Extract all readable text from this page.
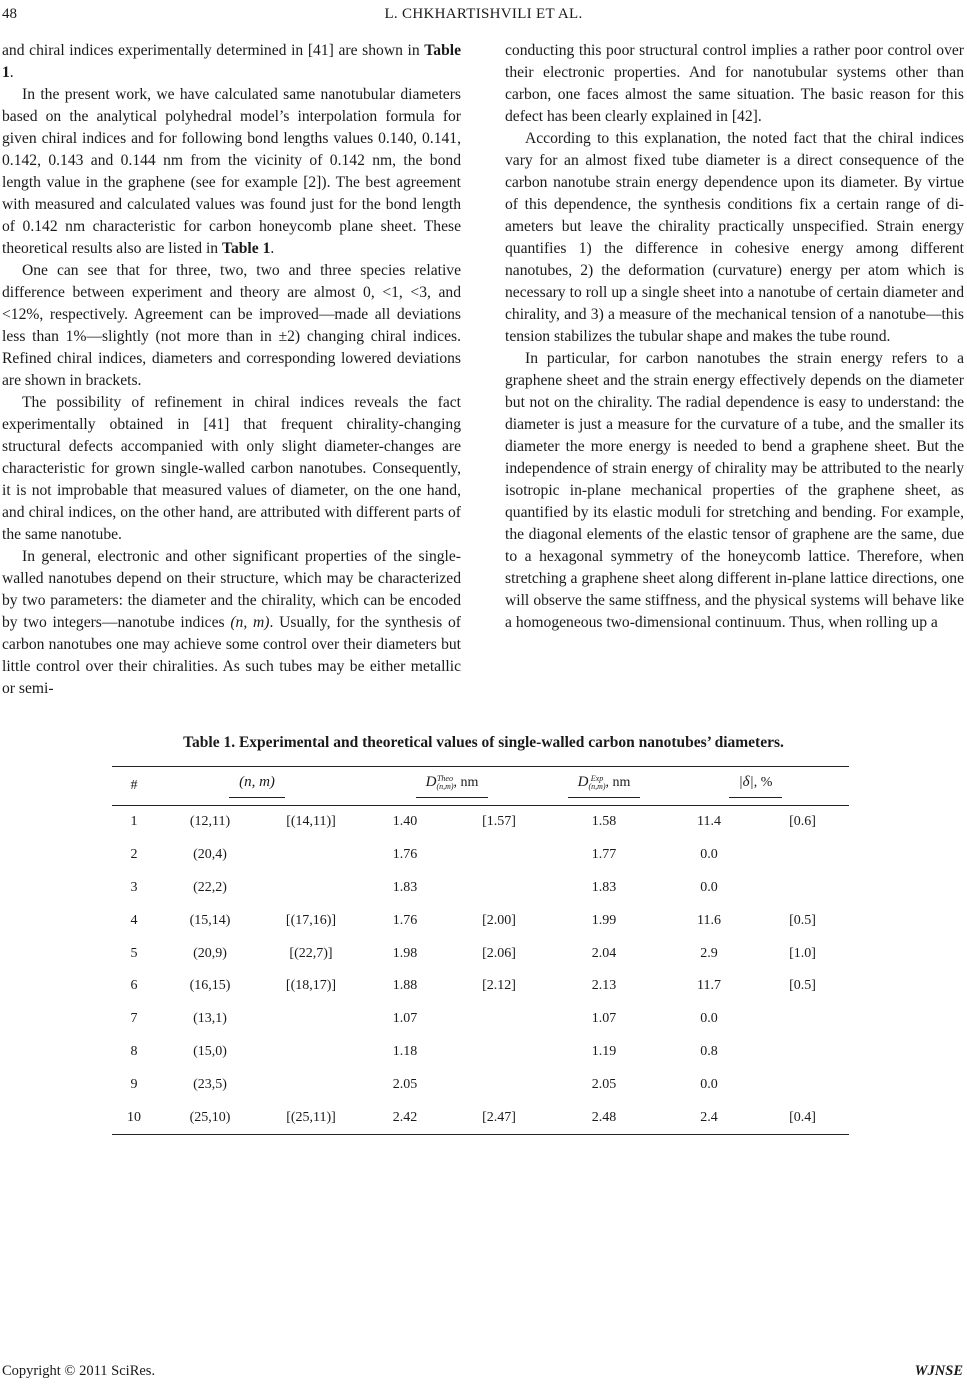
48	L. CHKHARTISHVILI ET AL.

and chiral indices experimentally determined in [41] are shown in Table 1.

In the present work, we have calculated same nanotubular diameters based on the analytical polyhedral model’s interpolation formula for given chiral indices and for following bond lengths values 0.140, 0.141, 0.142, 0.143 and 0.144 nm from the vicinity of 0.142 nm, the bond length value in the graphene (see for example [2]). The best agreement with measured and calculated values was found just for the bond length of 0.142 nm characteristic for carbon honeycomb plane sheet. These theoretical results also are listed in Table 1.

One can see that for three, two, two and three species relative difference between experiment and theory are almost 0, <1, <3, and <12%, respectively. Agreement can be improved—made all deviations less than 1%—slightly (not more than in ±2) changing chiral indices. Refined chiral indices, diameters and corresponding lowered deviations are shown in brackets.

The possibility of refinement in chiral indices reveals the fact experimentally obtained in [41] that frequent chirality-changing structural defects accompanied with only slight diameter-changes are characteristic for grown single-walled carbon nanotubes. Consequently, it is not improbable that measured values of diameter, on the one hand, and chiral indices, on the other hand, are attributed with different parts of the same nanotube.

In general, electronic and other significant properties of the single-walled nanotubes depend on their structure, which may be characterized by two parameters: the diameter and the chirality, which can be encoded by two integers—nanotube indices (n, m). Usually, for the synthesis of carbon nanotubes one may achieve some control over their diameters but little control over their chiralities. As such tubes may be either metallic or semi-

conducting this poor structural control implies a rather poor control over their electronic properties. And for nanotubular systems other than carbon, one faces almost the same situation. The basic reason for this defect has been clearly explained in [42].

According to this explanation, the noted fact that the chiral indices vary for an almost fixed tube diameter is a direct consequence of the carbon nanotube strain energy dependence upon its diameter. By virtue of this dependence, the synthesis conditions fix a certain range of diameters but leave the chirality practically unspecified. Strain energy quantifies 1) the difference in cohesive energy among different nanotubes, 2) the deformation (curvature) energy per atom which is necessary to roll up a single sheet into a nanotube of certain diameter and chirality, and 3) a measure of the mechanical tension of a nanotube—this tension stabilizes the tubular shape and makes the tube round.

In particular, for carbon nanotubes the strain energy refers to a graphene sheet and the strain energy effectively depends on the diameter but not on the chirality. The radial dependence is easy to understand: the diameter is just a measure for the curvature of a tube, and the smaller its diameter the more energy is needed to bend a graphene sheet. But the independence of strain energy of chirality may be attributed to the nearly isotropic in-plane mechanical properties of the graphene sheet, as quantified by its elastic moduli for stretching and bending. For example, the diagonal elements of the elastic tensor of graphene are the same, due to a hexagonal symmetry of the honeycomb lattice. Therefore, when stretching a graphene sheet along different in-plane lattice directions, one will observe the same stiffness, and the physical systems will behave like a homogeneous two-dimensional continuum. Thus, when rolling up a

Table 1. Experimental and theoretical values of single-walled carbon nanotubes’ diameters.
#	(n, m)		D Theo
(n,m) , nm		D Exp
(n,m) , nm	|δ|, %	
1	(12,11)	[(14,11)]	1.40	[1.57]	1.58	11.4	[0.6]
2	(20,4)		1.76		1.77	0.0	
3	(22,2)		1.83		1.83	0.0	
4	(15,14)	[(17,16)]	1.76	[2.00]	1.99	11.6	[0.5]
5	(20,9)	[(22,7)]	1.98	[2.06]	2.04	2.9	[1.0]
6	(16,15)	[(18,17)]	1.88	[2.12]	2.13	11.7	[0.5]
7	(13,1)		1.07		1.07	0.0	
8	(15,0)		1.18		1.19	0.8	
9	(23,5)		2.05		2.05	0.0	
10	(25,10)	[(25,11)]	2.42	[2.47]	2.48	2.4	[0.4]
Copyright © 2011 SciRes.	WJNSE
